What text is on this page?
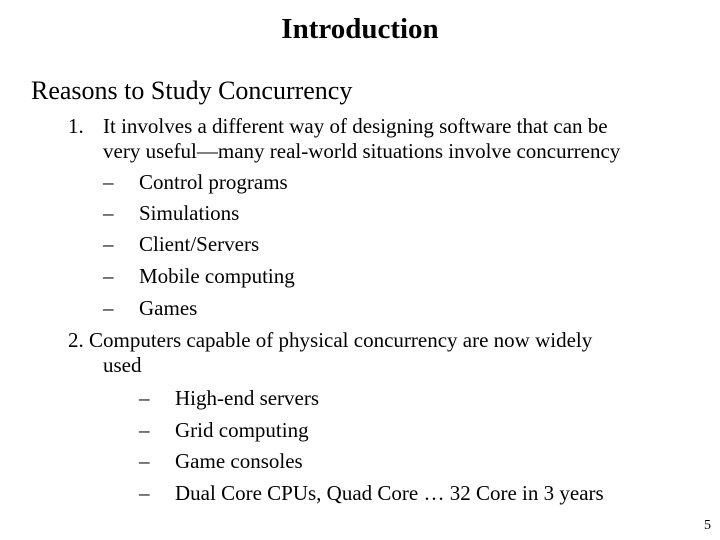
Introduction
Reasons to Study Concurrency
1. It involves a different way of designing software that can be
very useful—many real-world situations involve concurrency
– Control programs
– Simulations
– Client/Servers
– Mobile computing
– Games
2. Computers capable of physical concurrency are now widely
used
– High-end servers
– Grid computing
– Game consoles
– Dual Core CPUs, Quad Core … 32 Core in 3 years
5
